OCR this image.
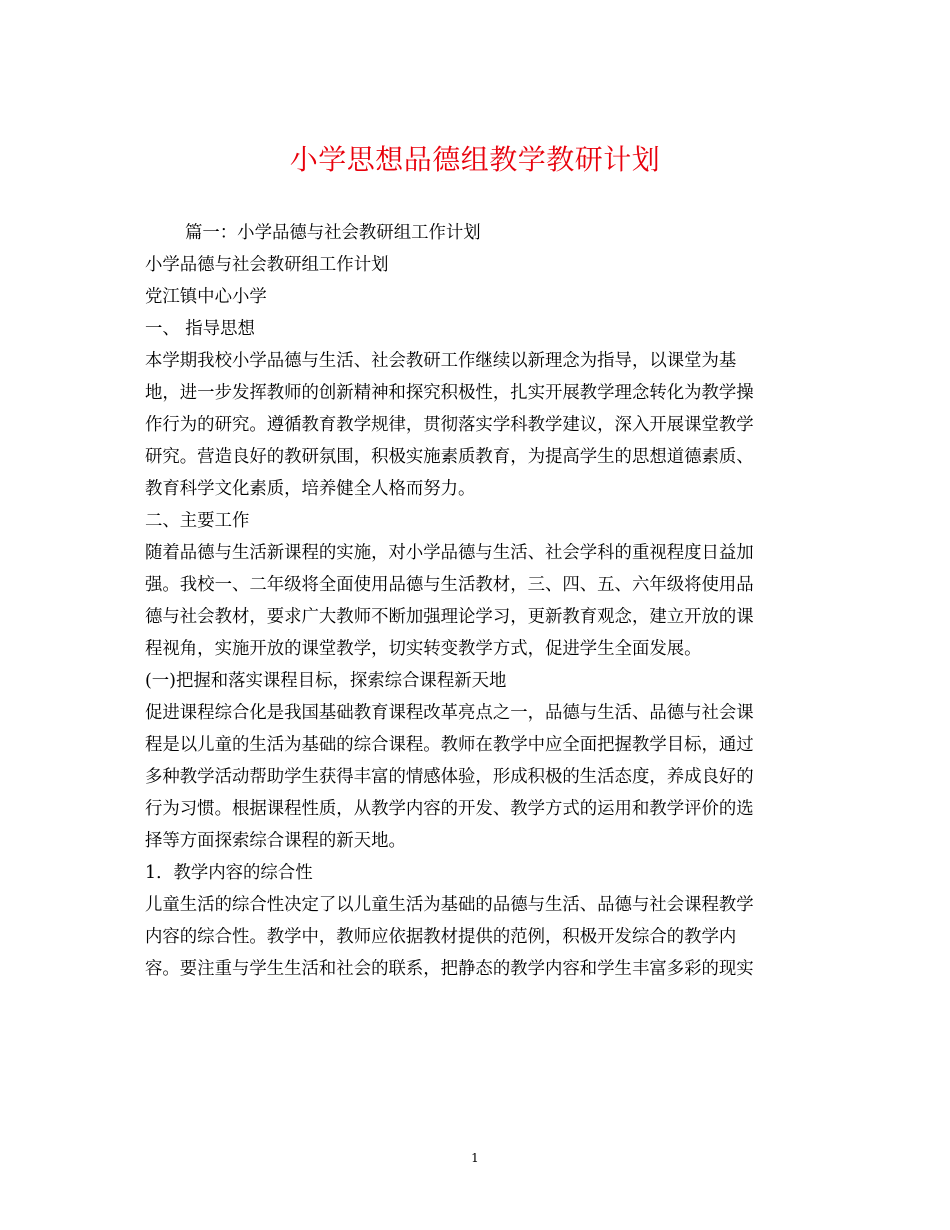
小学思想品德组教学教研计划
篇一：小学品德与社会教研组工作计划
小学品德与社会教研组工作计划
党江镇中心小学
一、 指导思想
本学期我校小学品德与生活、社会教研工作继续以新理念为指导，以课堂为基
地，进一步发挥教师的创新精神和探究积极性，扎实开展教学理念转化为教学操
作行为的研究。遵循教育教学规律，贯彻落实学科教学建议，深入开展课堂教学
研究。营造良好的教研氛围，积极实施素质教育，为提高学生的思想道德素质、
教育科学文化素质，培养健全人格而努力。
二、主要工作
随着品德与生活新课程的实施，对小学品德与生活、社会学科的重视程度日益加
强。我校一、二年级将全面使用品德与生活教材，三、四、五、六年级将使用品
德与社会教材，要求广大教师不断加强理论学习，更新教育观念，建立开放的课
程视角，实施开放的课堂教学，切实转变教学方式，促进学生全面发展。
(一)把握和落实课程目标，探索综合课程新天地
促进课程综合化是我国基础教育课程改革亮点之一，品德与生活、品德与社会课
程是以儿童的生活为基础的综合课程。教师在教学中应全面把握教学目标，通过
多种教学活动帮助学生获得丰富的情感体验，形成积极的生活态度，养成良好的
行为习惯。根据课程性质，从教学内容的开发、教学方式的运用和教学评价的选
择等方面探索综合课程的新天地。
1．教学内容的综合性
儿童生活的综合性决定了以儿童生活为基础的品德与生活、品德与社会课程教学
内容的综合性。教学中，教师应依据教材提供的范例，积极开发综合的教学内
容。要注重与学生生活和社会的联系，把静态的教学内容和学生丰富多彩的现实
1
